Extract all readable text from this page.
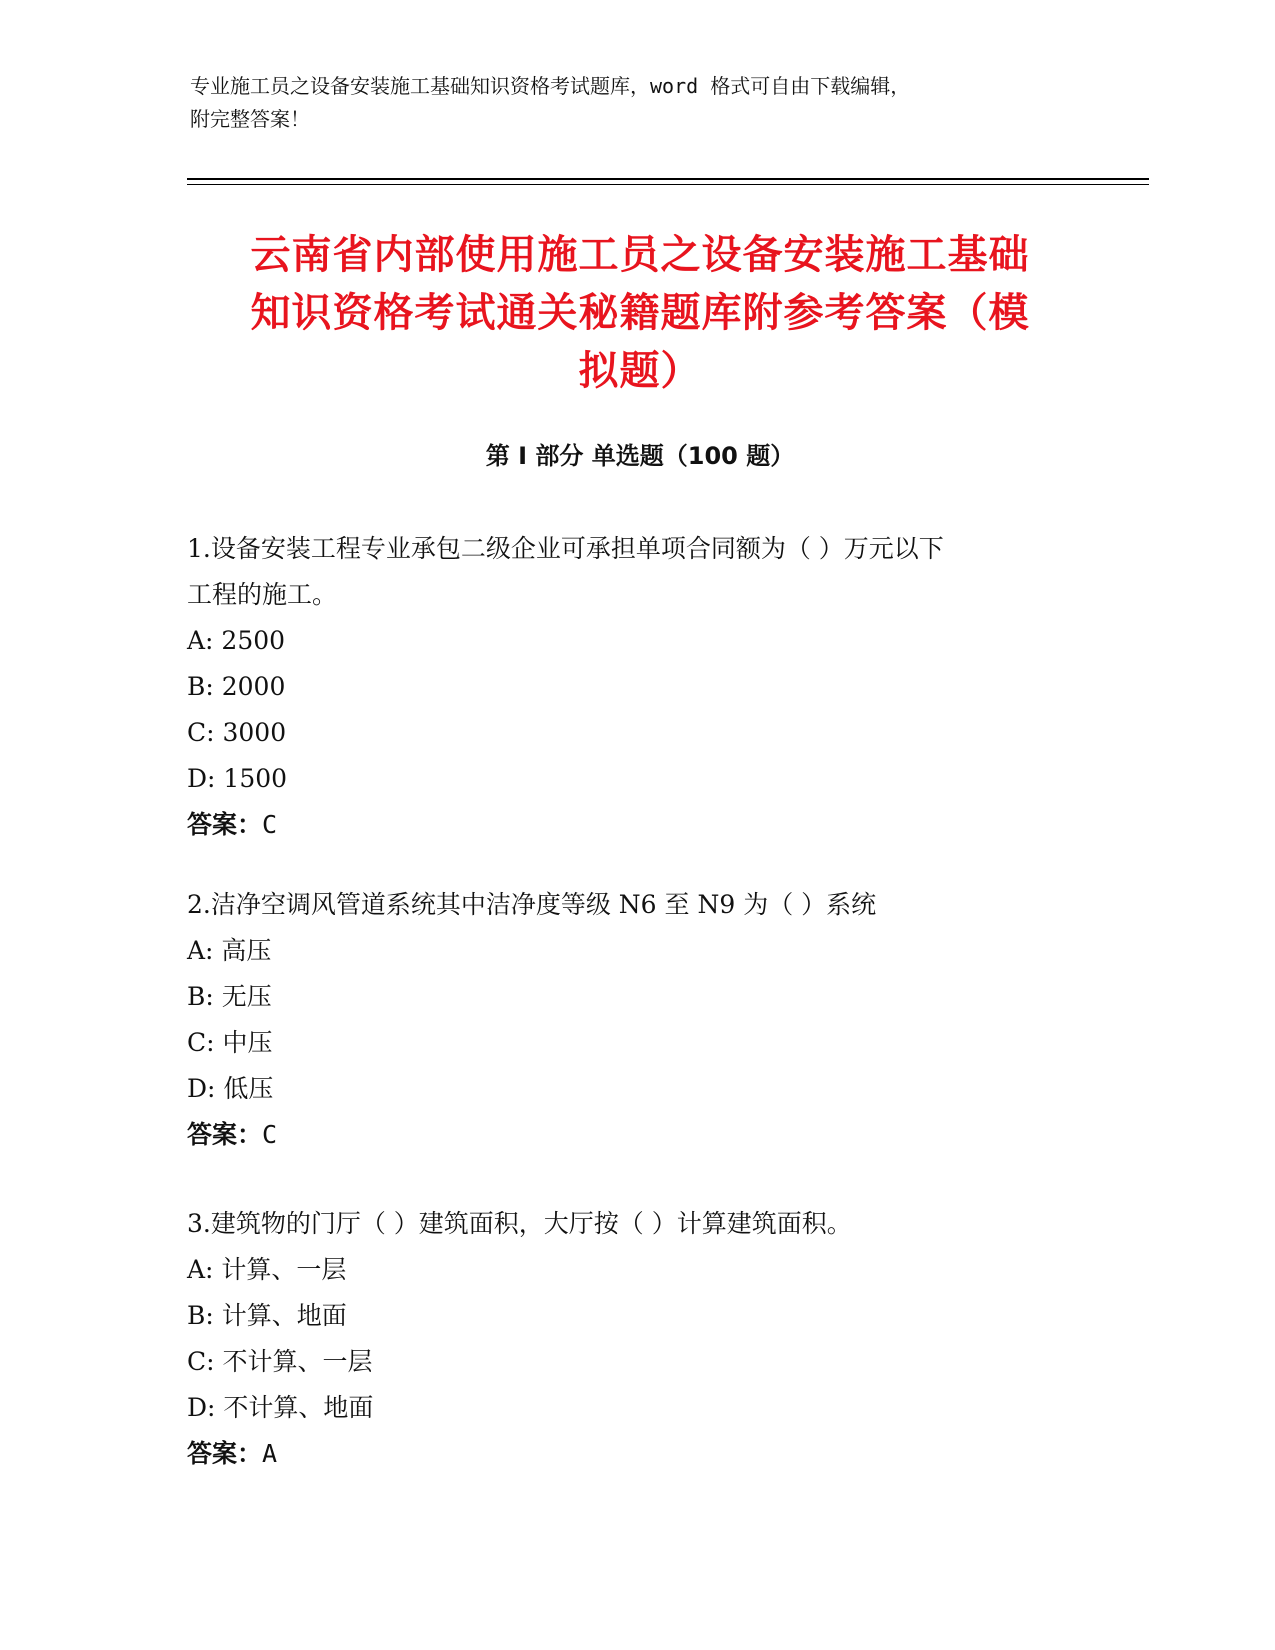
专业施工员之设备安装施工基础知识资格考试题库，word 格式可自由下载编辑，
附完整答案！
云南省内部使用施工员之设备安装施工基础
知识资格考试通关秘籍题库附参考答案（模
拟题）
第 I 部分 单选题（100 题）
1.设备安装工程专业承包二级企业可承担单项合同额为（ ）万元以下
工程的施工。
A: 2500
B: 2000
C: 3000
D: 1500
答案：C
2.洁净空调风管道系统其中洁净度等级 N6 至 N9 为（ ）系统
A: 高压
B: 无压
C: 中压
D: 低压
答案：C
3.建筑物的门厅（ ）建筑面积，大厅按（ ）计算建筑面积。
A: 计算、一层
B: 计算、地面
C: 不计算、一层
D: 不计算、地面
答案：A
